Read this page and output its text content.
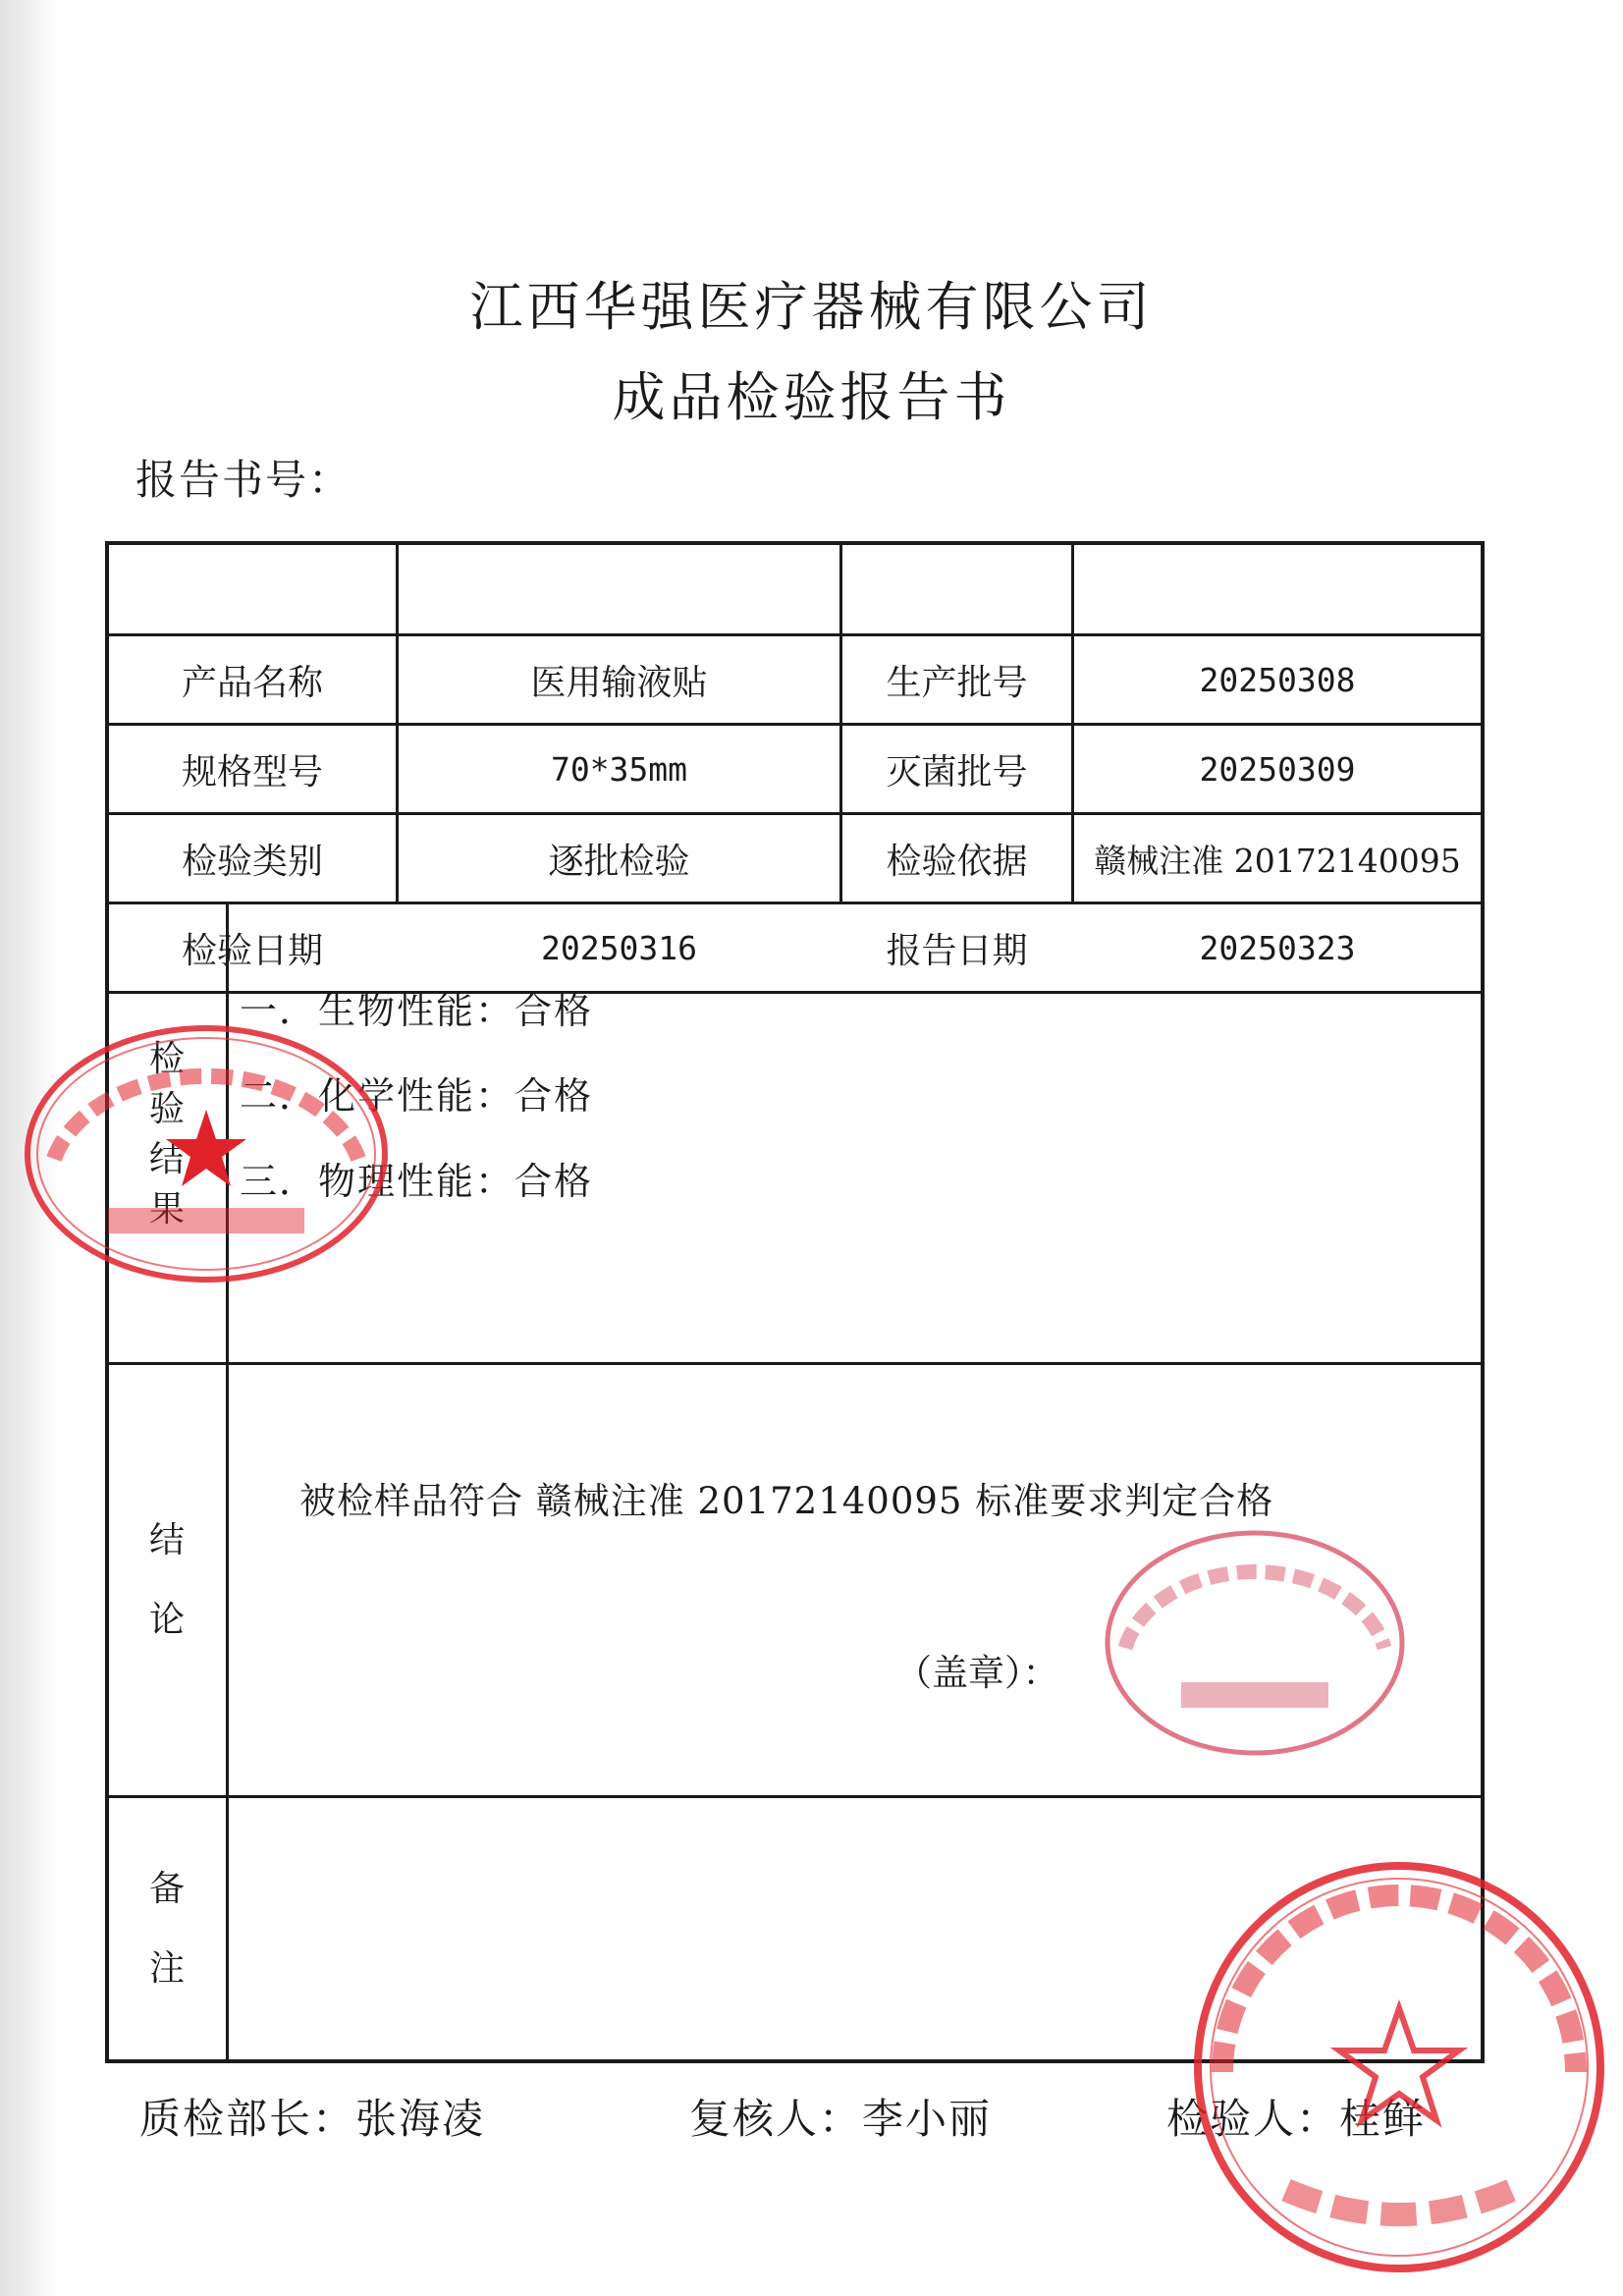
江西华强医疗器械有限公司
成品检验报告书
报告书号：
产品名称	医用输液贴	生产批号	20250308
规格型号	70*35mm	灭菌批号	20250309
检验类别	逐批检验	检验依据	赣械注准 20172140095
检验日期	20250316	报告日期	20250323
检
验
结
果
一．生物性能：合格
二．化学性能：合格
三．物理性能：合格
结
论
被检样品符合 赣械注准 20172140095 标准要求判定合格
（盖章）：
备
注
质检部长：张海凌	复核人：李小丽	检验人：桂鲜
